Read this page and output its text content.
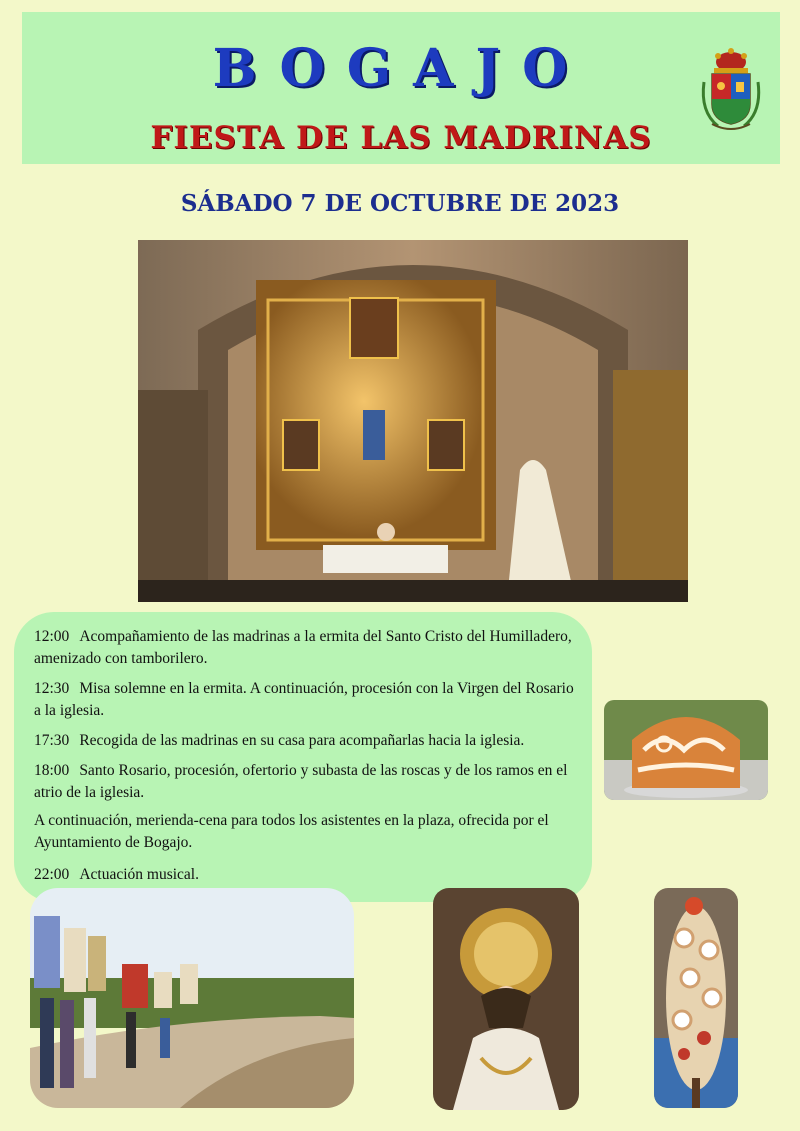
BOGAJO
FIESTA DE LAS MADRINAS
SÁBADO 7 DE OCTUBRE DE 2023
12:00 Acompañamiento de las madrinas a la ermita del Santo Cristo del Humilladero, amenizado con tamborilero.
12:30 Misa solemne en la ermita. A continuación, procesión con la Virgen del Rosario a la iglesia.
17:30 Recogida de las madrinas en su casa para acompañarlas hacia la iglesia.
18:00 Santo Rosario, procesión, ofertorio y subasta de las roscas y de los ramos en el atrio de la iglesia.
A continuación, merienda-cena para todos los asistentes en la plaza, ofrecida por el Ayuntamiento de Bogajo.
22:00 Actuación musical.
